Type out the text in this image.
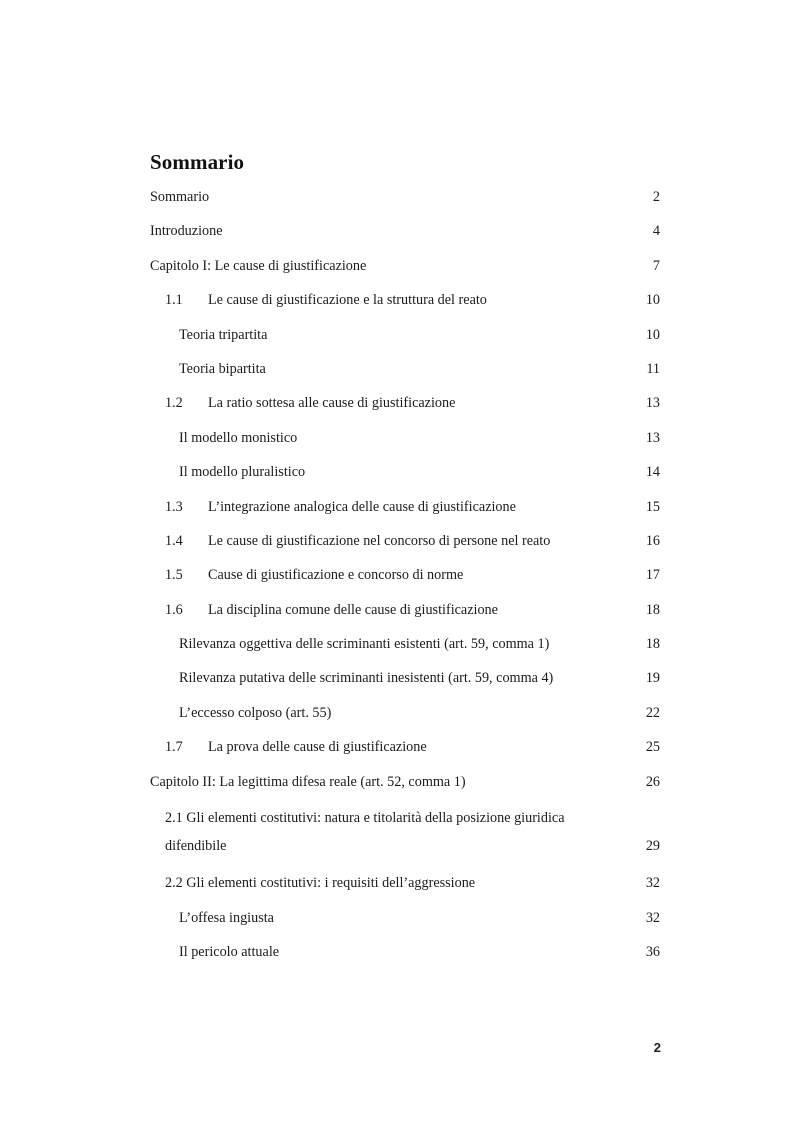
Sommario
Sommario	2
Introduzione	4
Capitolo I: Le cause di giustificazione	7
1.1	Le cause di giustificazione e la struttura del reato	10
Teoria tripartita	10
Teoria bipartita	11
1.2	La ratio sottesa alle cause di giustificazione	13
Il modello monistico	13
Il modello pluralistico	14
1.3	L’integrazione analogica delle cause di giustificazione	15
1.4	Le cause di giustificazione nel concorso di persone nel reato	16
1.5	Cause di giustificazione e concorso di norme	17
1.6	La disciplina comune delle cause di giustificazione	18
Rilevanza oggettiva delle scriminanti esistenti (art. 59, comma 1)	18
Rilevanza putativa delle scriminanti inesistenti (art. 59, comma 4)	19
L’eccesso colposo (art. 55)	22
1.7	La prova delle cause di giustificazione	25
Capitolo II: La legittima difesa reale (art. 52, comma 1)	26
2.1 Gli elementi costitutivi: natura e titolarità della posizione giuridica difendibile	29
2.2 Gli elementi costitutivi: i requisiti dell’aggressione	32
L’offesa ingiusta	32
Il pericolo attuale	36
2
